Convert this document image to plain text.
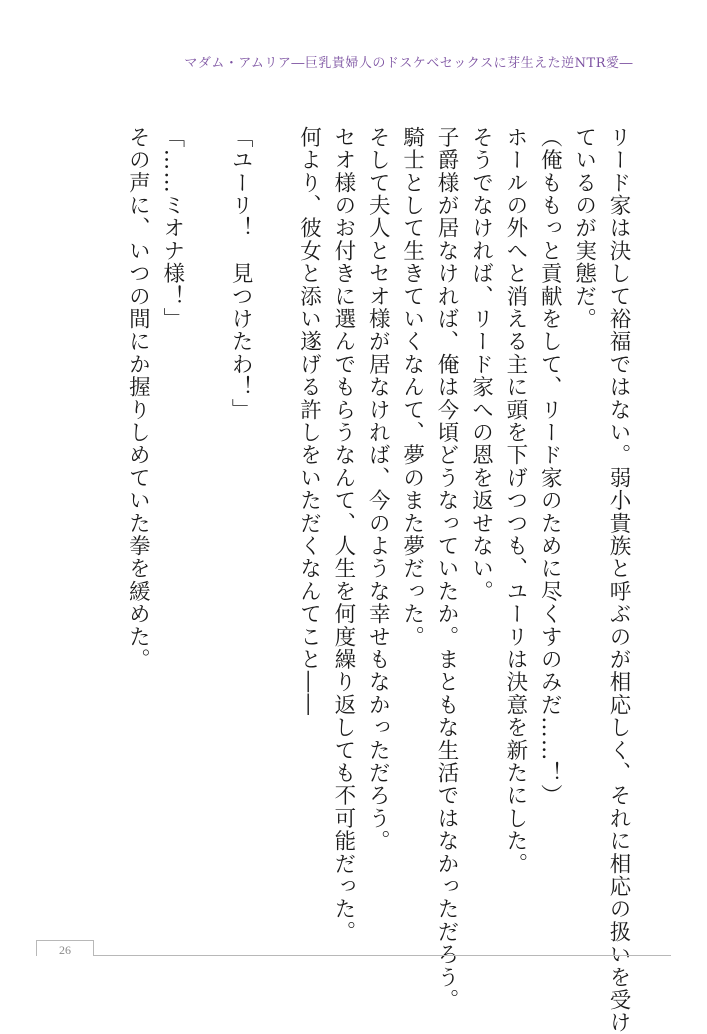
マダム・アムリア―巨乳貴婦人のドスケベセックスに芽生えた逆NTR愛―
リード家は決して裕福ではない。弱小貴族と呼ぶのが相応しく、それに相応の扱いを受け
ているのが実態だ。
（俺ももっと貢献をして、リード家のために尽くすのみだ……！）
ホールの外へと消える主に頭を下げつつも、ユーリは決意を新たにした。
そうでなければ、リード家への恩を返せない。
子爵様が居なければ、俺は今頃どうなっていたか。まともな生活ではなかっただろう。
騎士として生きていくなんて、夢のまた夢だった。
そして夫人とセオ様が居なければ、今のような幸せもなかっただろう。
セオ様のお付きに選んでもらうなんて、人生を何度繰り返しても不可能だった。
何より、彼女と添い遂げる許しをいただくなんてこと――
「ユーリ！　見つけたわ！」
「……ミオナ様！」
その声に、いつの間にか握りしめていた拳を緩めた。
26
